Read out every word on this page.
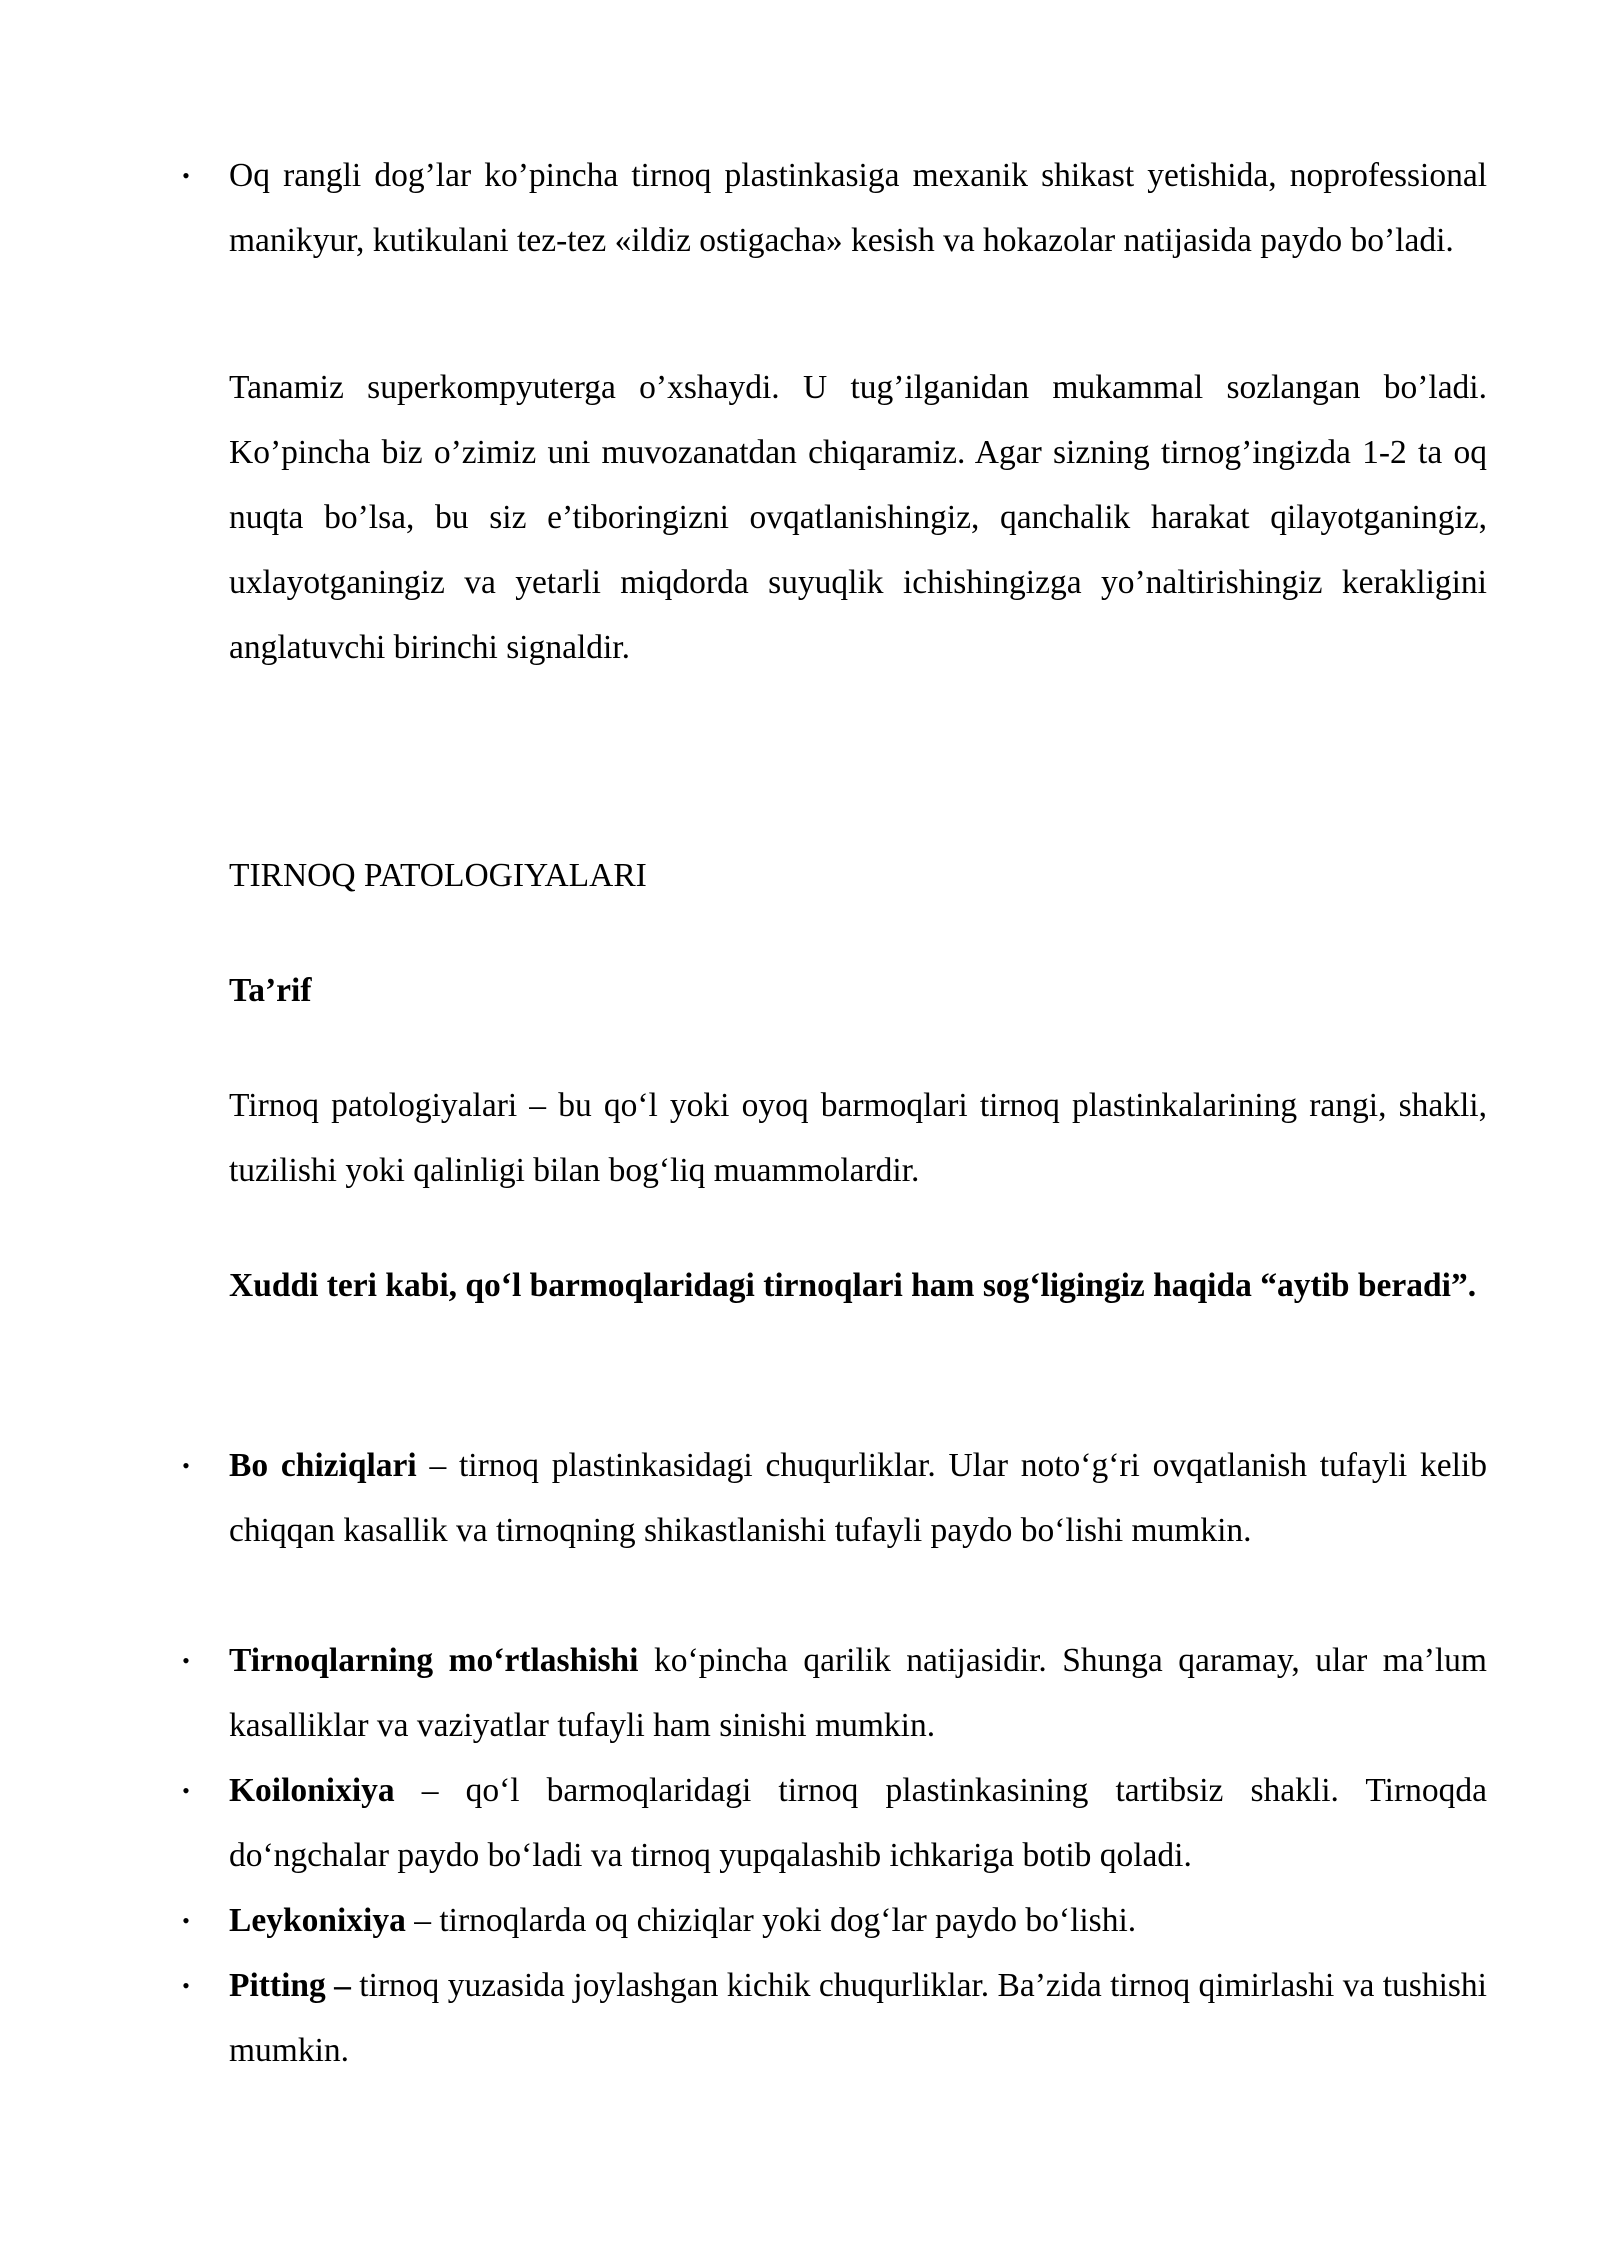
• Oq rangli dog’lar ko’pincha tirnoq plastinkasiga mexanik shikast yetishida, noprofessional manikyur, kutikulani tez-tez «ildiz ostigacha» kesish va hokazolar natijasida paydo bo’ladi.
Tanamiz superkompyuterga o’xshaydi. U tug’ilganidan mukammal sozlangan bo’ladi. Ko’pincha biz o’zimiz uni muvozanatdan chiqaramiz. Agar sizning tirnog’ingizda 1-2 ta oq nuqta bo’lsa, bu siz e’tiboringizni ovqatlanishingiz, qanchalik harakat qilayotganingiz, uxlayotganingiz va yetarli miqdorda suyuqlik ichishingizga yo’naltirishingiz kerakligini anglatuvchi birinchi signaldir.
TIRNOQ PATOLOGIYALARI
Ta’rif
Tirnoq patologiyalari – bu qo‘l yoki oyoq barmoqlari tirnoq plastinkalarining rangi, shakli, tuzilishi yoki qalinligi bilan bog‘liq muammolardir.
Xuddi teri kabi, qo‘l barmoqlaridagi tirnoqlari ham sog‘ligingiz haqida “aytib beradi”.
• Bo chiziqlari – tirnoq plastinkasidagi chuqurliklar. Ular noto‘g‘ri ovqatlanish tufayli kelib chiqqan kasallik va tirnoqning shikastlanishi tufayli paydo bo‘lishi mumkin.
• Tirnoqlarning mo‘rtlashishi ko‘pincha qarilik natijasidir. Shunga qaramay, ular ma’lum kasalliklar va vaziyatlar tufayli ham sinishi mumkin.
• Koilonixiya – qo‘l barmoqlaridagi tirnoq plastinkasining tartibsiz shakli. Tirnoqda do‘ngchalar paydo bo‘ladi va tirnoq yupqalashib ichkariga botib qoladi.
• Leykonixiya – tirnoqlarda oq chiziqlar yoki dog‘lar paydo bo‘lishi.
• Pitting – tirnoq yuzasida joylashgan kichik chuqurliklar. Ba’zida tirnoq qimirlashi va tushishi mumkin.
